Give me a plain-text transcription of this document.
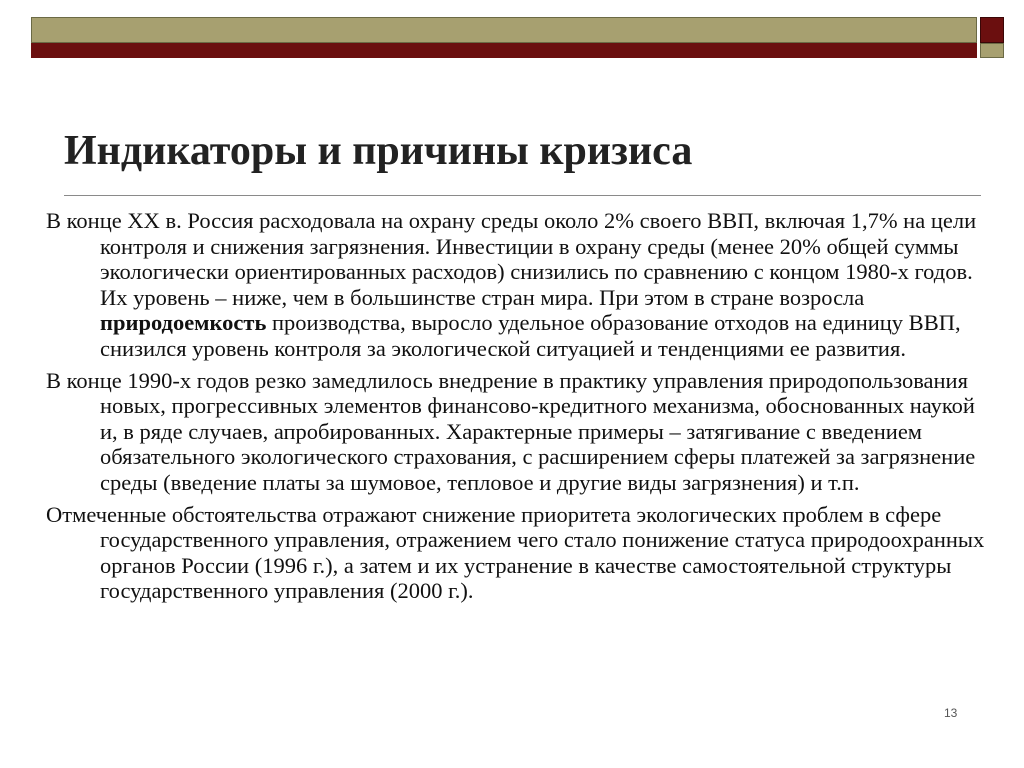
Индикаторы и причины кризиса

В конце XX в. Россия расходовала на охрану среды около 2% своего ВВП, включая 1,7% на цели контроля и снижения загрязнения. Инвестиции в охрану среды (менее 20% общей суммы экологически ориентированных расходов) снизились по сравнению с концом 1980-х годов. Их уровень – ниже, чем в большинстве стран мира. При этом в стране возросла природоемкость производства, выросло удельное образование отходов на единицу ВВП, снизился уровень контроля за экологической ситуацией и тенденциями ее развития.

В конце 1990-х годов резко замедлилось внедрение в практику управления природопользования новых, прогрессивных элементов финансово-кредитного механизма, обоснованных наукой и, в ряде случаев, апробированных. Характерные примеры – затягивание с введением обязательного экологического страхования, с расширением сферы платежей за загрязнение среды (введение платы за шумовое, тепловое и другие виды загрязнения) и т.п.

Отмеченные обстоятельства отражают снижение приоритета экологических проблем в сфере государственного управления, отражением чего стало понижение статуса природоохранных органов России (1996 г.), а затем и их устранение в качестве самостоятельной структуры государственного управления (2000 г.).

13
